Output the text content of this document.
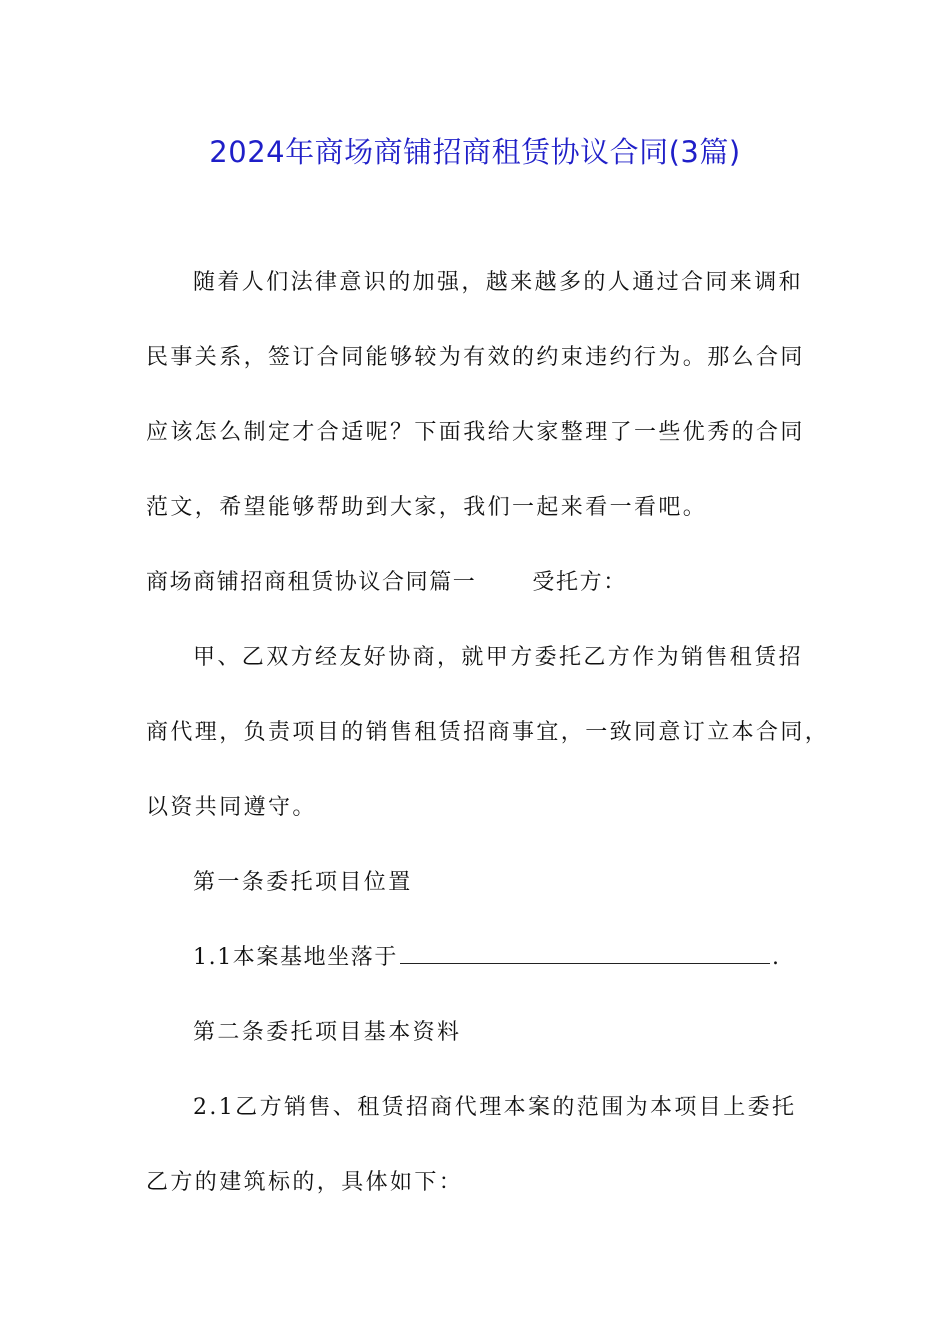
2024年商场商铺招商租赁协议合同(3篇)
随着人们法律意识的加强，越来越多的人通过合同来调和
民事关系，签订合同能够较为有效的约束违约行为。那么合同
应该怎么制定才合适呢？下面我给大家整理了一些优秀的合同
范文，希望能够帮助到大家，我们一起来看一看吧。
商场商铺招商租赁协议合同篇一	受托方：
甲、乙双方经友好协商，就甲方委托乙方作为销售租赁招
商代理，负责项目的销售租赁招商事宜，一致同意订立本合同，
以资共同遵守。
第一条委托项目位置
1.1本案基地坐落于	.
第二条委托项目基本资料
2.1乙方销售、租赁招商代理本案的范围为本项目上委托
乙方的建筑标的，具体如下：
